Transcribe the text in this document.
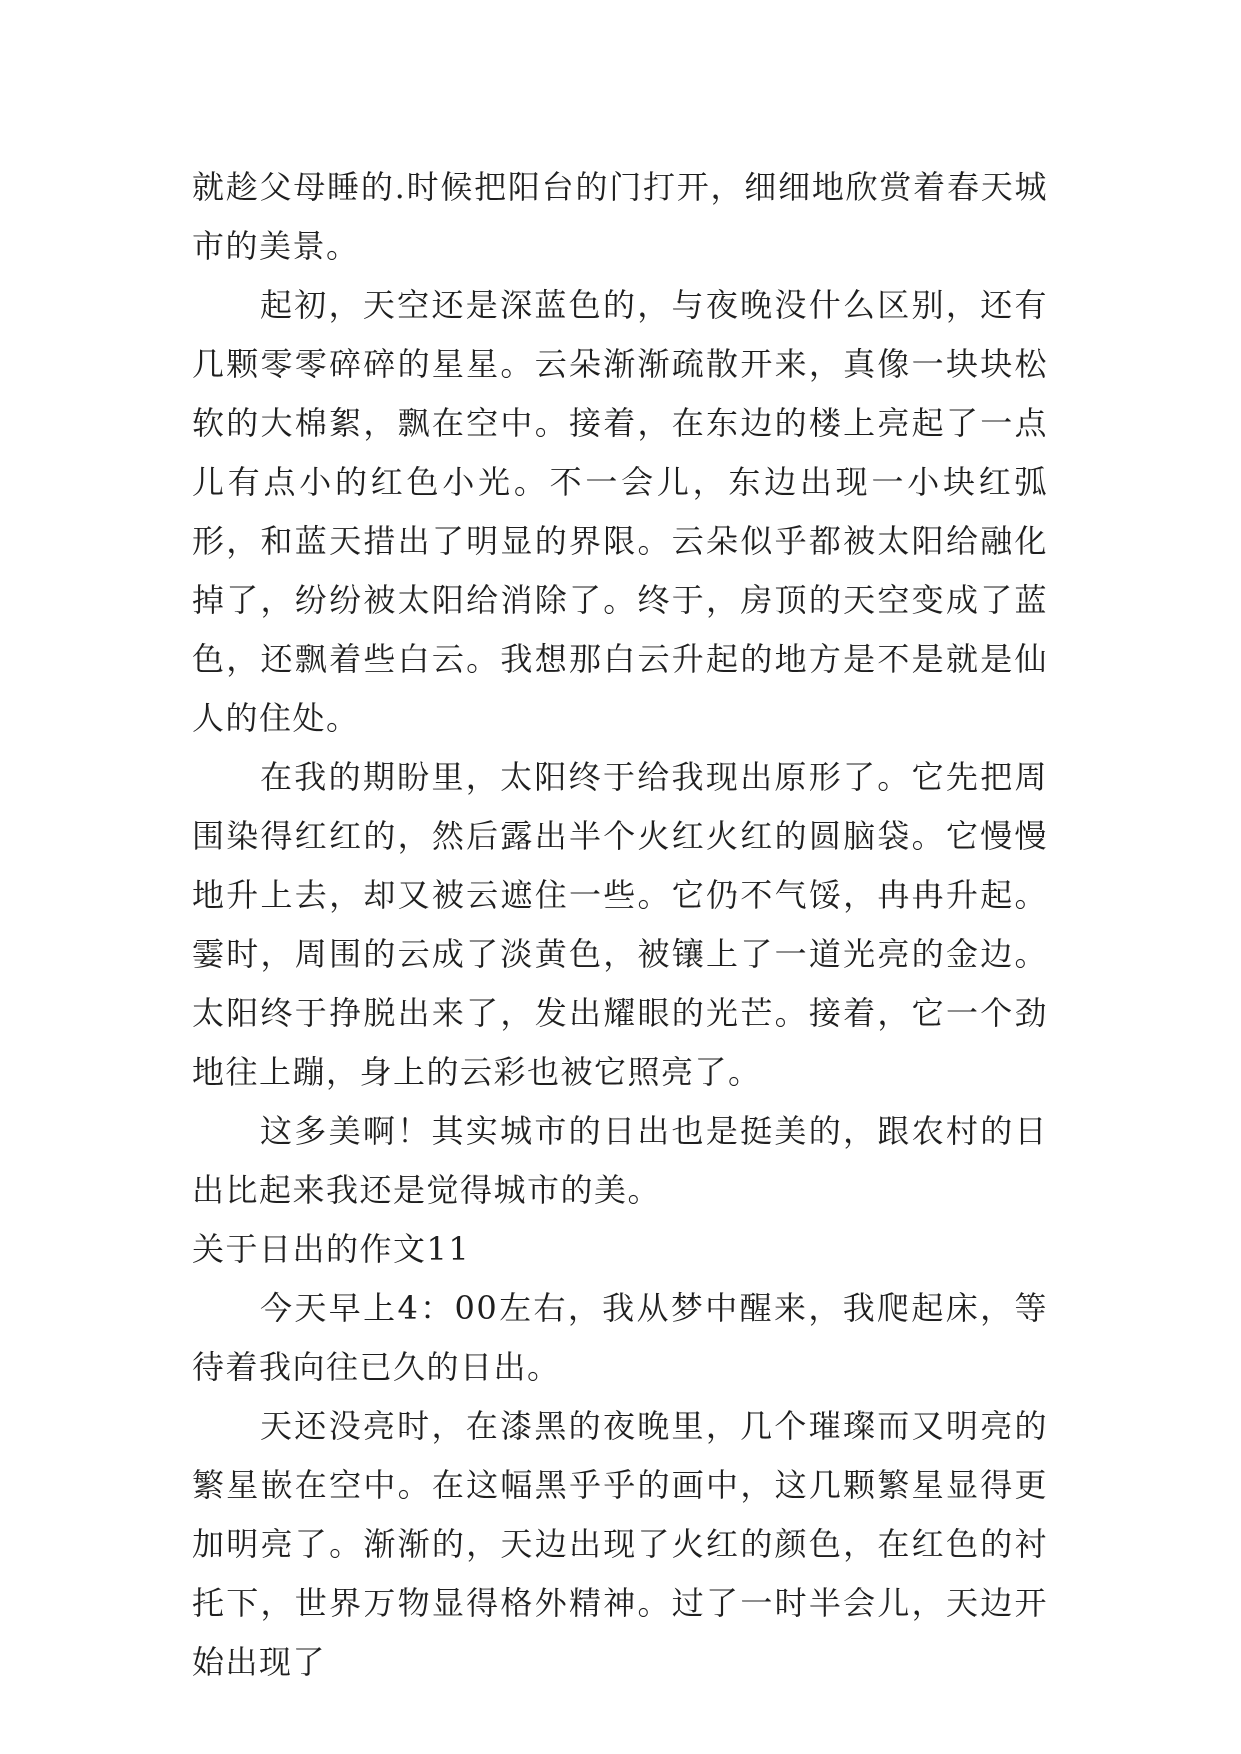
就趁父母睡的.时候把阳台的门打开，细细地欣赏着春天城市的美景。

起初，天空还是深蓝色的，与夜晚没什么区别，还有几颗零零碎碎的星星。云朵渐渐疏散开来，真像一块块松软的大棉絮，飘在空中。接着，在东边的楼上亮起了一点儿有点小的红色小光。不一会儿，东边出现一小块红弧形，和蓝天措出了明显的界限。云朵似乎都被太阳给融化掉了，纷纷被太阳给消除了。终于，房顶的天空变成了蓝色，还飘着些白云。我想那白云升起的地方是不是就是仙人的住处。

在我的期盼里，太阳终于给我现出原形了。它先把周围染得红红的，然后露出半个火红火红的圆脑袋。它慢慢地升上去，却又被云遮住一些。它仍不气馁，冉冉升起。霎时，周围的云成了淡黄色，被镶上了一道光亮的金边。太阳终于挣脱出来了，发出耀眼的光芒。接着，它一个劲地往上蹦，身上的云彩也被它照亮了。

这多美啊！其实城市的日出也是挺美的，跟农村的日出比起来我还是觉得城市的美。

关于日出的作文11

今天早上4：00左右，我从梦中醒来，我爬起床，等待着我向往已久的日出。

天还没亮时，在漆黑的夜晚里，几个璀璨而又明亮的繁星嵌在空中。在这幅黑乎乎的画中，这几颗繁星显得更加明亮了。渐渐的，天边出现了火红的颜色，在红色的衬托下，世界万物显得格外精神。过了一时半会儿，天边开始出现了
